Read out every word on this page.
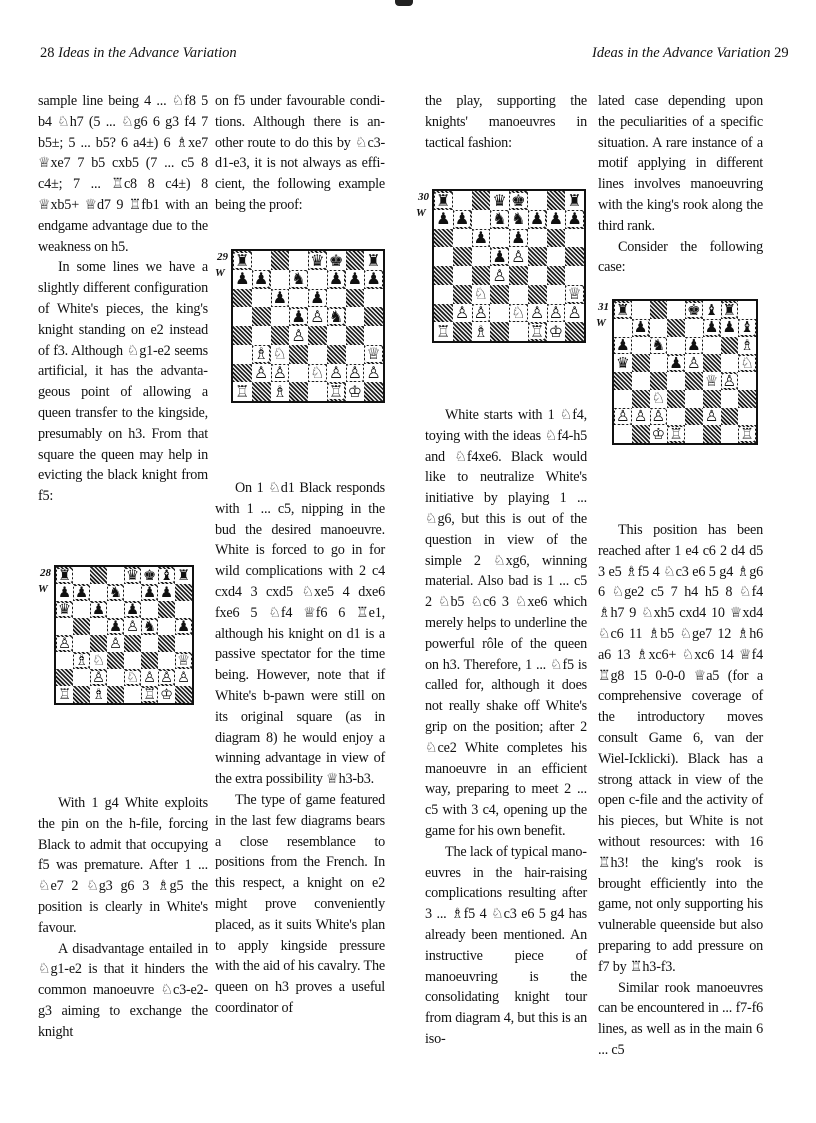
28 Ideas in the Advance Variation	Ideas in the Advance Variation 29

sample line being 4 ... ♘f8 5 b4 ♘h7 (5 ... ♘g6 6 g3 f4 7 b5±; 5 ... b5? 6 a4±) 6 ♗xe7 ♕xe7 7 b5 cxb5 (7 ... c5 8 c4±; 7 ... ♖c8 8 c4±) 8 ♕xb5+ ♕d7 9 ♖fb1 with an endgame advantage due to the weakness on h5.

In some lines we have a slightly different configuration of White's pieces, the king's knight standing on e2 instead of f3. Although ♘g1-e2 seems artificial, it has the advantageous point of allowing a queen transfer to the kingside, presumably on h3. From that square the queen may help in evicting the black knight from f5:

With 1 g4 White exploits the pin on the h-file, forcing Black to admit that occupying f5 was premature. After 1 ... ♘e7 2 ♘g3 g6 3 ♗g5 the position is clearly in White's favour.

A disadvantage entailed in ♘g1-e2 is that it hinders the common manoeuvre ♘c3-e2-g3 aiming to exchange the knight

on f5 under favourable conditions. Although there is another route to do this by ♘c3-d1-e3, it is not always as efficient, the following example being the proof:

On 1 ♘d1 Black responds with 1 ... c5, nipping in the bud the desired manoeuvre. White is forced to go in for wild complications with 2 c4 cxd4 3 cxd5 ♘xe5 4 dxe6 fxe6 5 ♘f4 ♕f6 6 ♖e1, although his knight on d1 is a passive spectator for the time being. However, note that if White's b-pawn were still on its original square (as in diagram 8) he would enjoy a winning advantage in view of the extra possibility ♕h3-b3.

The type of game featured in the last few diagrams bears a close resemblance to positions from the French. In this respect, a knight on e2 might prove conveniently placed, as it suits White's plan to apply kingside pressure with the aid of his cavalry. The queen on h3 proves a useful coordinator of

the play, supporting the knights' manoeuvres in tactical fashion:

White starts with 1 ♘f4, toying with the ideas ♘f4-h5 and ♘f4xe6. Black would like to neutralize White's initiative by playing 1 ... ♘g6, but this is out of the question in view of the simple 2 ♘xg6, winning material. Also bad is 1 ... c5 2 ♘b5 ♘c6 3 ♘xe6 which merely helps to underline the powerful rôle of the queen on h3. Therefore, 1 ... ♘f5 is called for, although it does not really shake off White's grip on the position; after 2 ♘ce2 White completes his manoeuvre in an efficient way, preparing to meet 2 ... c5 with 3 c4, opening up the game for his own benefit.

The lack of typical manoeuvres in the hair-raising complications resulting after 3 ... ♗f5 4 ♘c3 e6 5 g4 has already been mentioned. An instructive piece of manoeuvring is the consolidating knight tour from diagram 4, but this is an iso-

lated case depending upon the peculiarities of a specific situation. A rare instance of a motif applying in different lines involves manoeuvring with the king's rook along the third rank.

Consider the following case:

This position has been reached after 1 e4 c6 2 d4 d5 3 e5 ♗f5 4 ♘c3 e6 5 g4 ♗g6 6 ♘ge2 c5 7 h4 h5 8 ♘f4 ♗h7 9 ♘xh5 cxd4 10 ♕xd4 ♘c6 11 ♗b5 ♘ge7 12 ♗h6 a6 13 ♗xc6+ ♘xc6 14 ♕f4 ♖g8 15 0-0-0 ♕a5 (for a comprehensive coverage of the introductory moves consult Game 6, van der Wiel-Icklicki). Black has a strong attack in view of the open c-file and the activity of his pieces, but White is not without resources: with 16 ♖h3! the king's rook is brought efficiently into the game, not only supporting his vulnerable queenside but also preparing to add pressure on f7 by ♖h3-f3.

Similar rook manoeuvres can be encountered in ... f7-f6 lines, as well as in the main 6 ... c5

28
W
♜	♛ ♚ ♝ ♜
♟ ♟ ♞ ♟ ♟
♛ ♟ ♟
♟ ♙ ♞ ♟
♙	♙
♗ ♘	♕
♙ ♘ ♙ ♙ ♙
♖ ♗	♖ ♔
29
W
♜	♛ ♚ ♜
♟ ♟ ♞ ♟ ♟ ♟
♟ ♟
♟ ♙ ♞
♙
♗ ♘	♕
♙ ♙ ♘ ♙ ♙ ♙
♖ ♗	♖ ♔
30
W
♜	♛ ♚	♜
♟ ♟ ♞ ♞ ♟ ♟ ♟
♟ ♟
♟ ♙
♙
♘	♕
♙ ♙ ♘ ♙ ♙ ♙
♖ ♗	♖ ♔
31
W
♜	♚ ♝ ♜
♟	♟ ♟ ♝
♟ ♞ ♟	♗
♛	♟ ♙	♘
♕ ♙
♘
♙ ♙ ♙	♙
♔ ♖	♖
